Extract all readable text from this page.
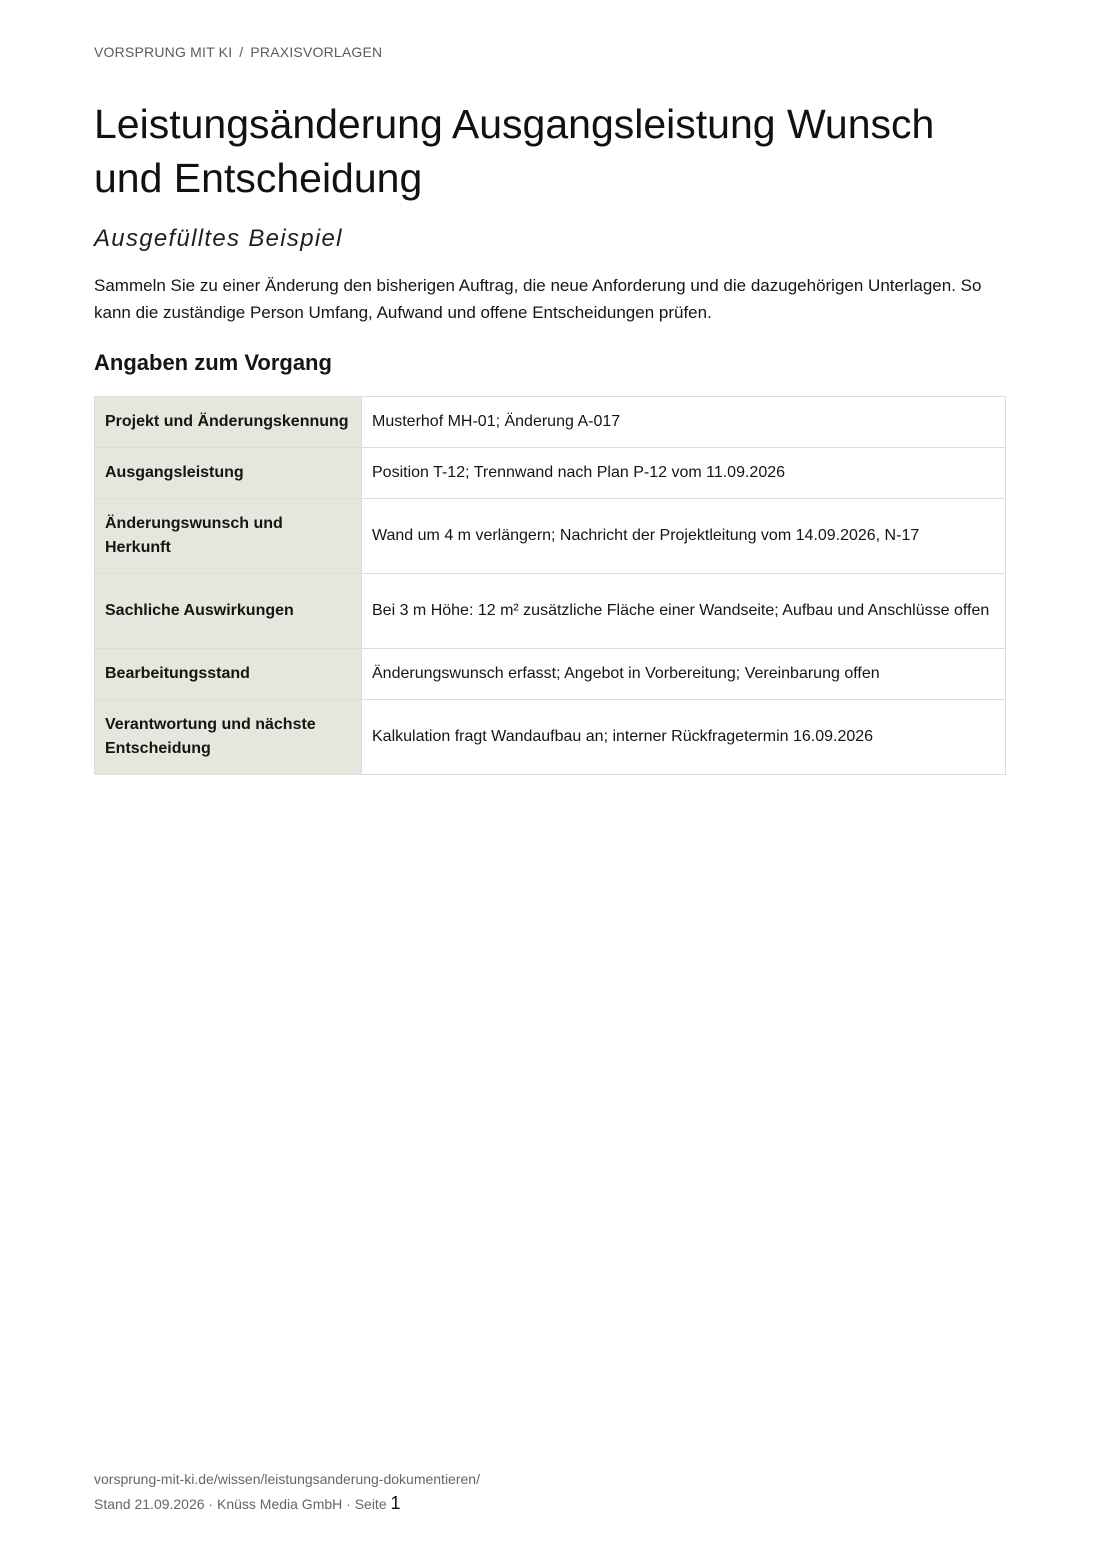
VORSPRUNG MIT KI / PRAXISVORLAGEN
Leistungsänderung Ausgangsleistung Wunsch und Entscheidung
Ausgefülltes Beispiel

Sammeln Sie zu einer Änderung den bisherigen Auftrag, die neue Anforderung und die dazugehörigen Unterlagen. So kann die zuständige Person Umfang, Aufwand und offene Entscheidungen prüfen.

Angaben zum Vorgang
Projekt und Änderungskennung	Musterhof MH-01; Änderung A-017
Ausgangsleistung	Position T-12; Trennwand nach Plan P-12 vom 11.09.2026
Änderungswunsch und Herkunft	Wand um 4 m verlängern; Nachricht der Projektleitung vom 14.09.2026, N-17
Sachliche Auswirkungen	Bei 3 m Höhe: 12 m² zusätzliche Fläche einer Wandseite; Aufbau und Anschlüsse offen
Bearbeitungsstand	Änderungswunsch erfasst; Angebot in Vorbereitung; Vereinbarung offen
Verantwortung und nächste Entscheidung	Kalkulation fragt Wandaufbau an; interner Rückfragetermin 16.09.2026
vorsprung-mit-ki.de/wissen/leistungsanderung-dokumentieren/
Stand 21.09.2026 · Knüss Media GmbH · Seite 1
